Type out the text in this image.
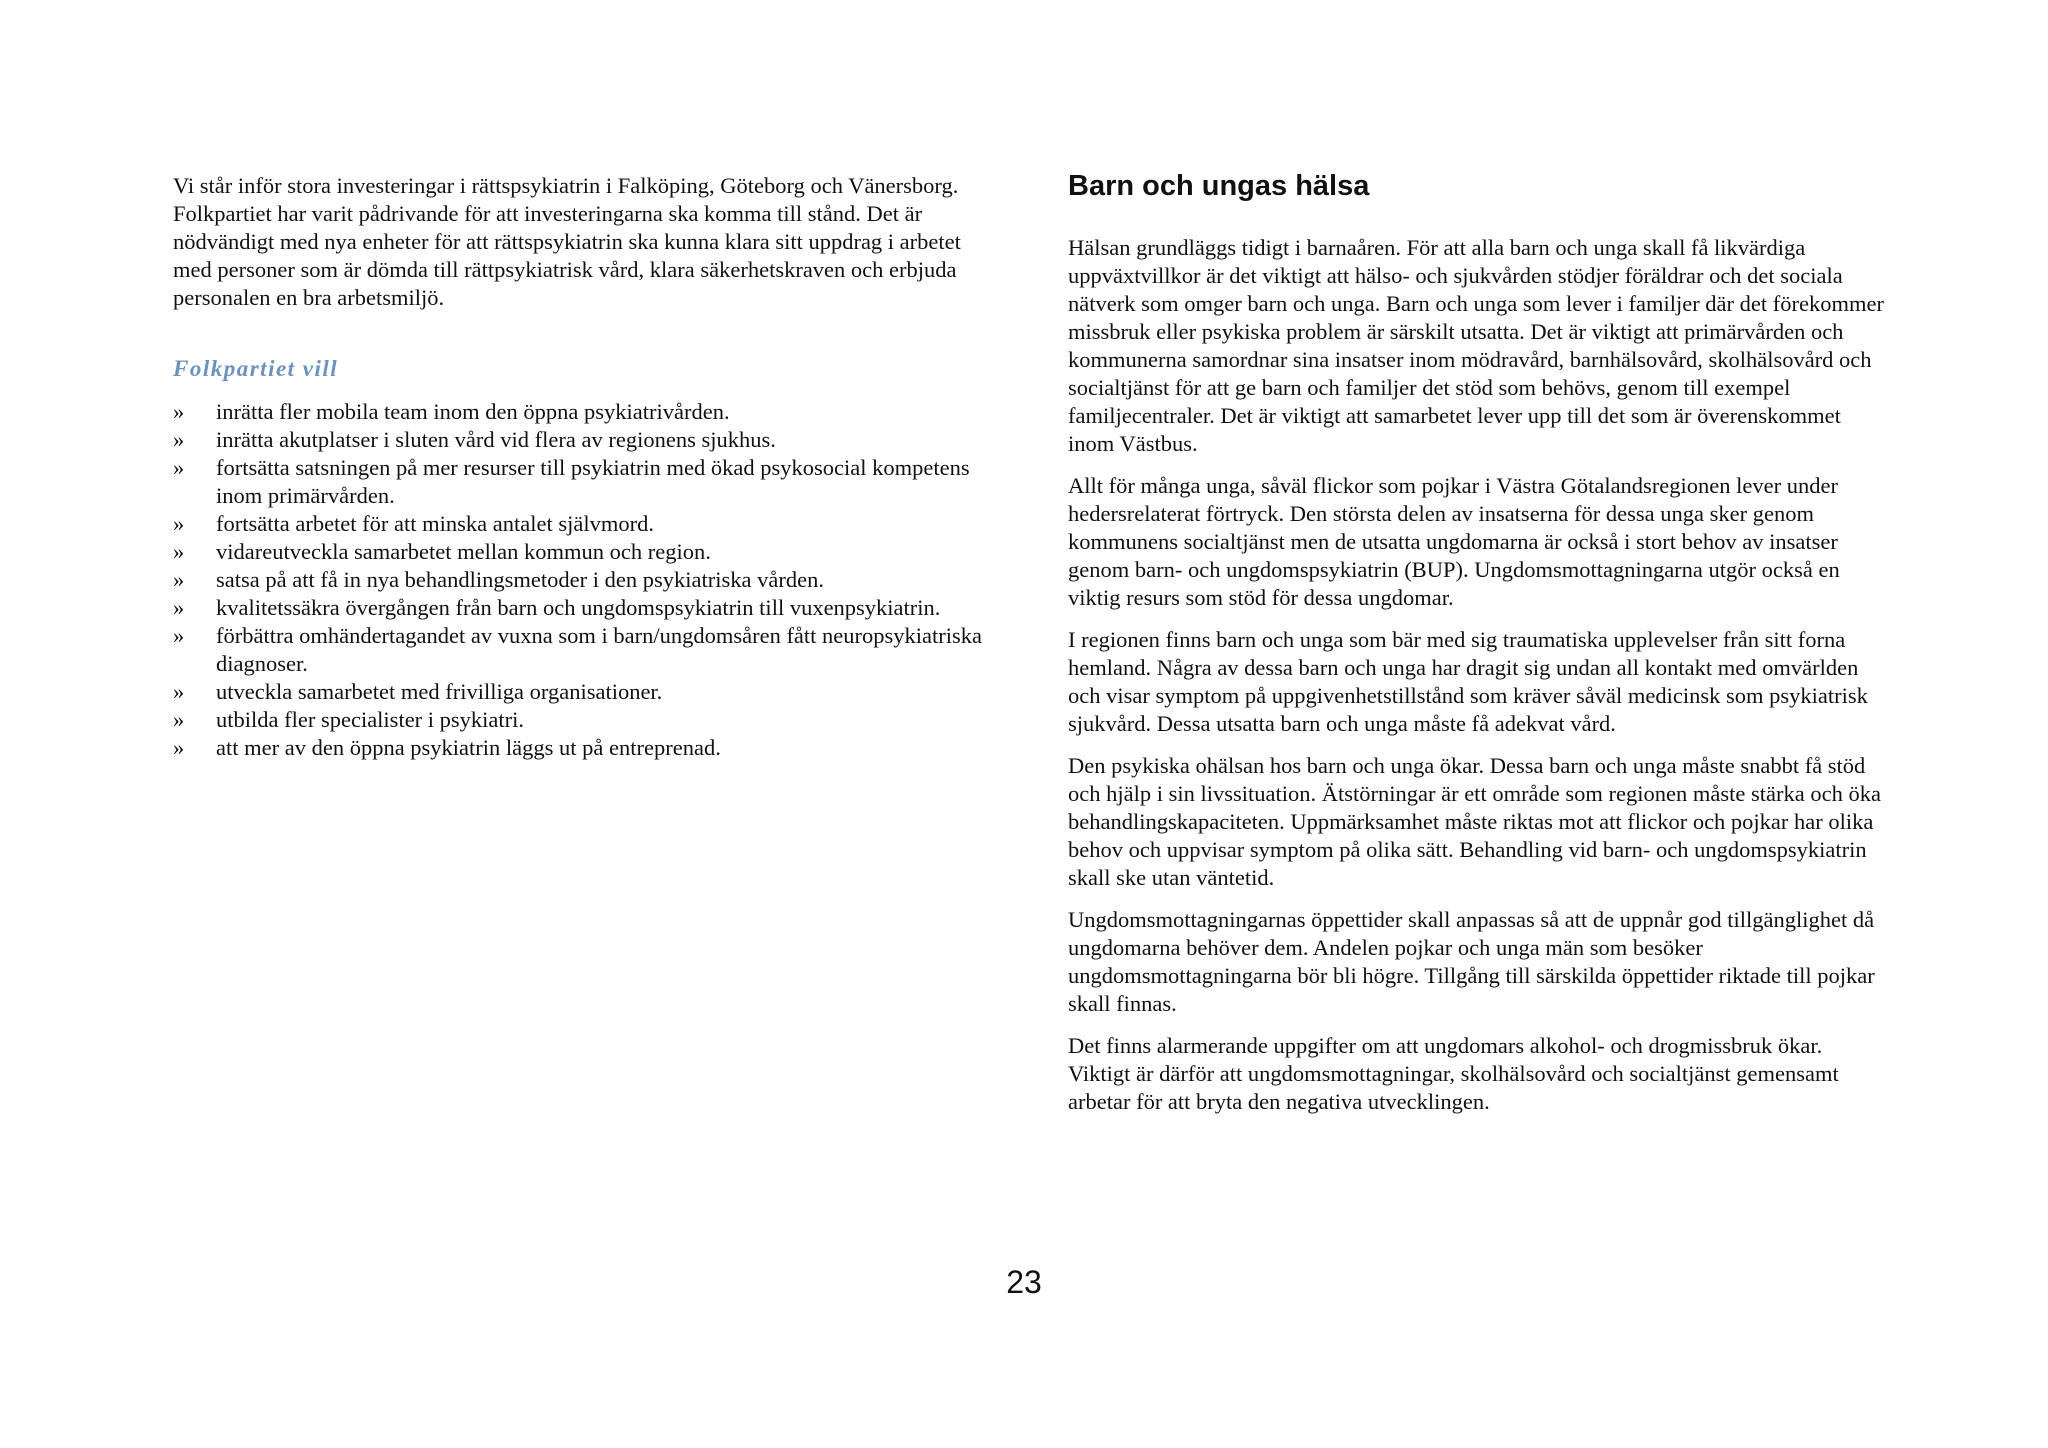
Vi står inför stora investeringar i rättspsykiatrin i Falköping, Göteborg och Vänersborg. Folkpartiet har varit pådrivande för att investeringarna ska komma till stånd. Det är nödvändigt med nya enheter för att rättspsykiatrin ska kunna klara sitt uppdrag i arbetet med personer som är dömda till rättpsykiatrisk vård, klara säkerhetskraven och erbjuda personalen en bra arbetsmiljö.

Folkpartiet vill
» inrätta fler mobila team inom den öppna psykiatrivården.
» inrätta akutplatser i sluten vård vid flera av regionens sjukhus.
» fortsätta satsningen på mer resurser till psykiatrin med ökad psykosocial kompetens inom primärvården.
» fortsätta arbetet för att minska antalet självmord.
» vidareutveckla samarbetet mellan kommun och region.
» satsa på att få in nya behandlingsmetoder i den psykiatriska vården.
» kvalitetssäkra övergången från barn och ungdomspsykiatrin till vuxenpsykiatrin.
» förbättra omhändertagandet av vuxna som i barn/ungdomsåren fått neuropsykiatriska diagnoser.
» utveckla samarbetet med frivilliga organisationer.
» utbilda fler specialister i psykiatri.
» att mer av den öppna psykiatrin läggs ut på entreprenad.
Barn och ungas hälsa

Hälsan grundläggs tidigt i barnaåren. För att alla barn och unga skall få likvärdiga uppväxtvillkor är det viktigt att hälso- och sjukvården stödjer föräldrar och det sociala nätverk som omger barn och unga. Barn och unga som lever i familjer där det förekommer missbruk eller psykiska problem är särskilt utsatta. Det är viktigt att primärvården och kommunerna samordnar sina insatser inom mödravård, barnhälsovård, skolhälsovård och socialtjänst för att ge barn och familjer det stöd som behövs, genom till exempel familjecentraler. Det är viktigt att samarbetet lever upp till det som är överenskommet inom Västbus.

Allt för många unga, såväl flickor som pojkar i Västra Götalandsregionen lever under hedersrelaterat förtryck. Den största delen av insatserna för dessa unga sker genom kommunens socialtjänst men de utsatta ungdomarna är också i stort behov av insatser genom barn- och ungdomspsykiatrin (BUP). Ungdomsmottagningarna utgör också en viktig resurs som stöd för dessa ungdomar.

I regionen finns barn och unga som bär med sig traumatiska upplevelser från sitt forna hemland. Några av dessa barn och unga har dragit sig undan all kontakt med omvärlden och visar symptom på uppgivenhetstillstånd som kräver såväl medicinsk som psykiatrisk sjukvård. Dessa utsatta barn och unga måste få adekvat vård.

Den psykiska ohälsan hos barn och unga ökar. Dessa barn och unga måste snabbt få stöd och hjälp i sin livssituation. Ätstörningar är ett område som regionen måste stärka och öka behandlingskapaciteten. Uppmärksamhet måste riktas mot att flickor och pojkar har olika behov och uppvisar symptom på olika sätt. Behandling vid barn- och ungdomspsykiatrin skall ske utan väntetid.

Ungdomsmottagningarnas öppettider skall anpassas så att de uppnår god tillgänglighet då ungdomarna behöver dem. Andelen pojkar och unga män som besöker ungdomsmottagningarna bör bli högre. Tillgång till särskilda öppettider riktade till pojkar skall finnas.

Det finns alarmerande uppgifter om att ungdomars alkohol- och drogmissbruk ökar. Viktigt är därför att ungdomsmottagningar, skolhälsovård och socialtjänst gemensamt arbetar för att bryta den negativa utvecklingen.

23
